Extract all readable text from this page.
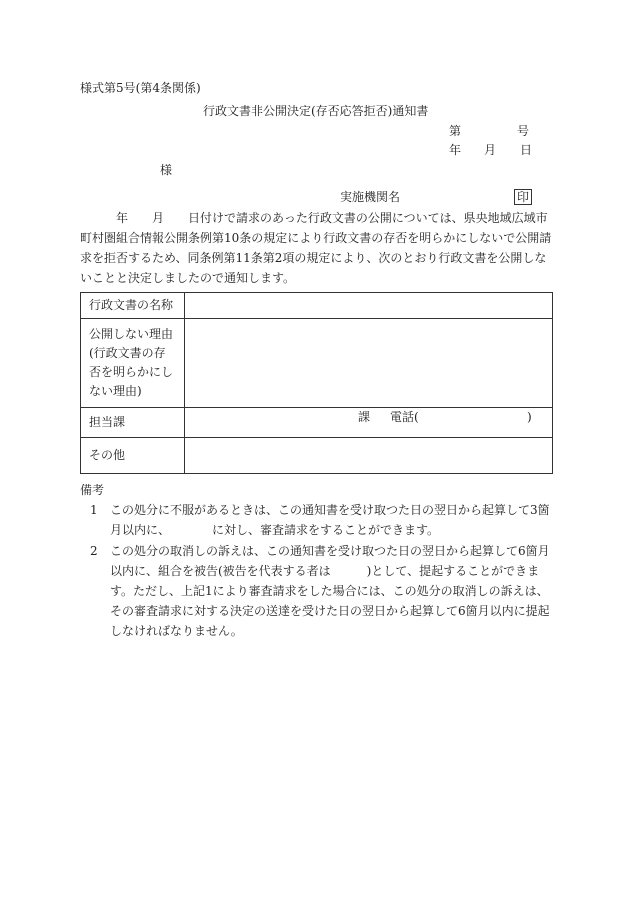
様式第5号(第4条関係)
行政文書非公開決定(存否応答拒否)通知書
第	号
年 月 日
様
実施機関名	印
　　　年　　月　　日付けで請求のあった行政文書の公開については、県央地域広域市町村圏組合情報公開条例第10条の規定により行政文書の存否を明らかにしないで公開請求を拒否するため、同条例第11条第2項の規定により、次のとおり行政文書を公開しないことと決定しましたので通知します。
行政文書の名称	
公開しない理由(行政文書の存否を明らかにしない理由)	
担当課	課 電話( )

その他	
備考
1	この処分に不服があるときは、この通知書を受け取つた日の翌日から起算して3箇月以内に、　　　　に対し、審査請求をすることができます。
2	この処分の取消しの訴えは、この通知書を受け取つた日の翌日から起算して6箇月以内に、組合を被告(被告を代表する者は　　　)として、提起することができます。ただし、上記1により審査請求をした場合には、この処分の取消しの訴えは、その審査請求に対する決定の送達を受けた日の翌日から起算して6箇月以内に提起しなければなりません。
